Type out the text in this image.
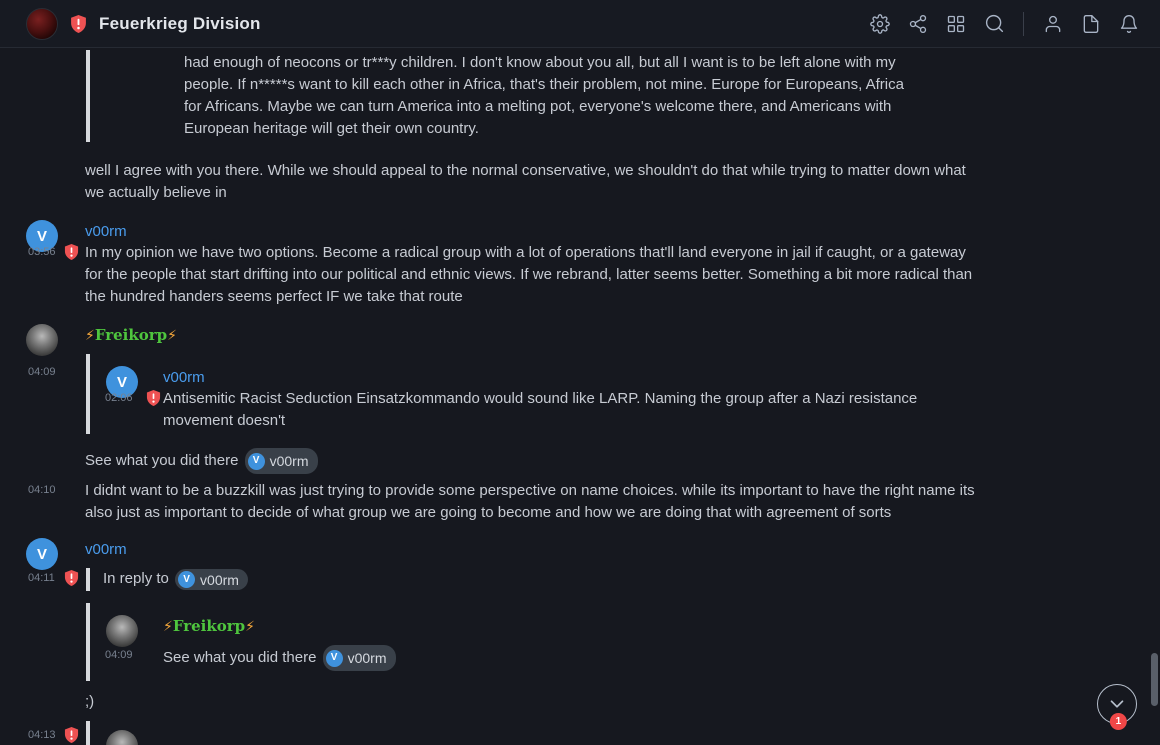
Feuerkrieg Division
had enough of neocons or tr***y children. I don't know about you all, but all I want is to be left alone with my people. If n*****s want to kill each other in Africa, that's their problem, not mine. Europe for Europeans, Africa for Africans. Maybe we can turn America into a melting pot, everyone's welcome there, and Americans with European heritage will get their own country.
well I agree with you there. While we should appeal to the normal conservative, we shouldn't do that while trying to matter down what we actually believe in
V	v00rm
03:56	In my opinion we have two options. Become a radical group with a lot of operations that'll land everyone in jail if caught, or a gateway for the people that start drifting into our political and ethnic views. If we rebrand, latter seems better. Something a bit more radical than the hundred handers seems perfect IF we take that route
⚡Freikorp⚡
04:09
V	v00rm
02:06	Antisemitic Racist Seduction Einsatzkommando would sound like LARP. Naming the group after a Nazi resistance movement doesn't
See what you did there	V v00rm
04:10	I didnt want to be a buzzkill was just trying to provide some perspective on name choices. while its important to have the right name its also just as important to decide of what group we are going to become and how we are doing that with agreement of sorts
V	v00rm
04:11	In reply to	V v00rm
⚡Freikorp⚡
04:09	See what you did there	V v00rm
;)
04:13
1
